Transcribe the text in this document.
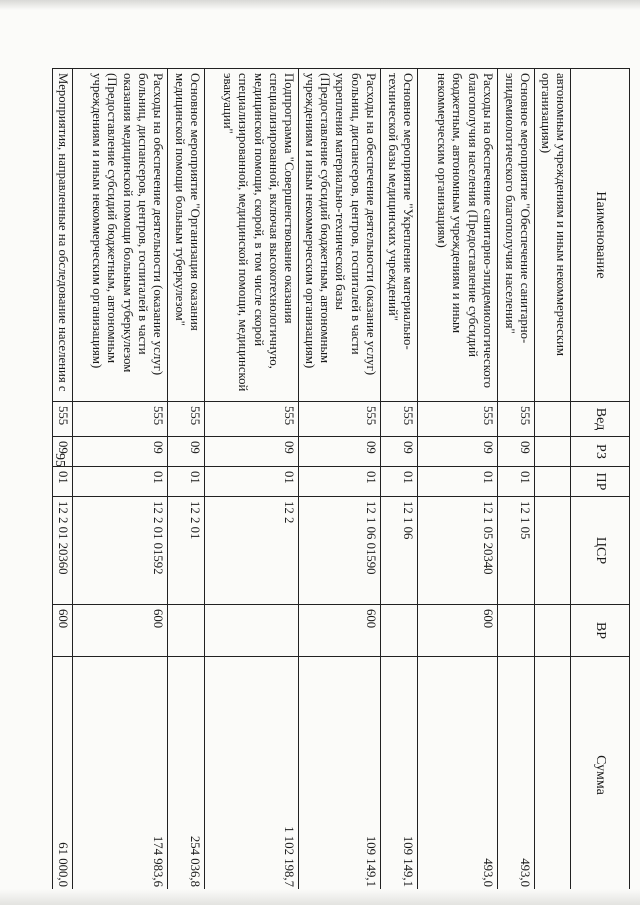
95
Наименование	Вед	РЗ	ПР	ЦСР	ВР	Сумма
автономным учреждениям и иным некоммерческим организациям)						
Основное мероприятие "Обеспечение санитарно-эпидемиологического благополучия населения"	555	09	01	12 1 05		493,0
Расходы на обеспечение санитарно-эпидемиологического благополучия населения (Предоставление субсидий бюджетным, автономным учреждениям и иным некоммерческим организациям)	555	09	01	12 1 05 20340	600	493,0
Основное мероприятие "Укрепление материально-технической базы медицинских учреждений"	555	09	01	12 1 06		109 149,1
Расходы на обеспечение деятельности (оказание услуг) больниц, диспансеров, центров, госпиталей в части укрепления материально-технической базы (Предоставление субсидий бюджетным, автономным учреждениям и иным некоммерческим организациям)	555	09	01	12 1 06 01590	600	109 149,1
Подпрограмма "Совершенствование оказания специализированной, включая высокотехнологичную, медицинской помощи, скорой, в том числе скорой специализированной, медицинской помощи, медицинской эвакуации"	555	09	01	12 2		1 102 198,7
Основное мероприятие "Организация оказания медицинской помощи больным туберкулезом"	555	09	01	12 2 01		254 036,8
Расходы на обеспечение деятельности (оказание услуг) больниц, диспансеров, центров, госпиталей в части оказания медицинской помощи больным туберкулезом (Предоставление субсидий бюджетным, автономным учреждениям и иным некоммерческим организациям)	555	09	01	12 2 01 01592	600	174 983,6
Мероприятия, направленные на обследование населения с	555	09	01	12 2 01 20360	600	61 000,0
